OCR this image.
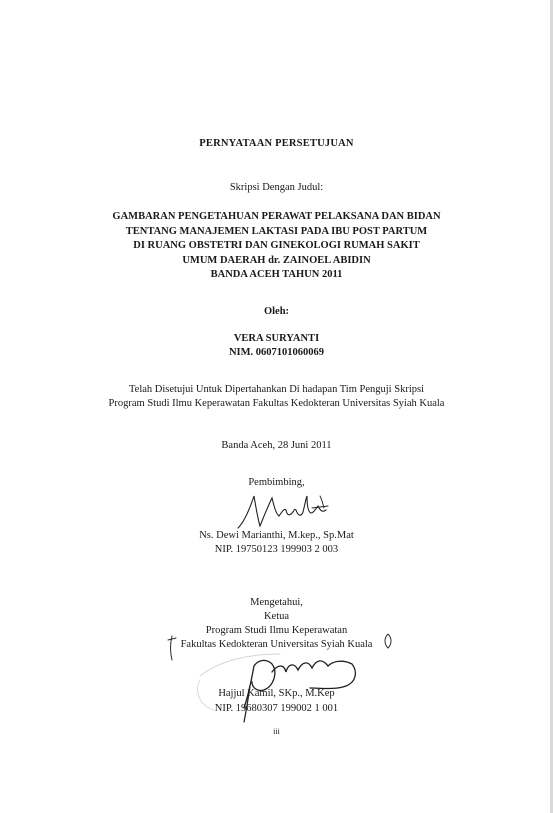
PERNYATAAN PERSETUJUAN
Skripsi Dengan Judul:
GAMBARAN PENGETAHUAN PERAWAT PELAKSANA DAN BIDAN
TENTANG MANAJEMEN LAKTASI PADA IBU POST PARTUM
DI RUANG OBSTETRI DAN GINEKOLOGI RUMAH SAKIT
UMUM DAERAH dr. ZAINOEL ABIDIN
BANDA ACEH TAHUN 2011
Oleh:
VERA SURYANTI
NIM. 0607101060069
Telah Disetujui Untuk Dipertahankan Di hadapan Tim Penguji Skripsi
Program Studi Ilmu Keperawatan Fakultas Kedokteran Universitas Syiah Kuala
Banda Aceh, 28 Juni 2011
Pembimbing,
Ns. Dewi Marianthi, M.kep., Sp.Mat
NIP. 19750123 199903 2 003
Mengetahui,
Ketua
Program Studi Ilmu Keperawatan
Fakultas Kedokteran Universitas Syiah Kuala
Hajjul Kamil, SKp., M.Kep
NIP. 19680307 199002 1 001
iii
